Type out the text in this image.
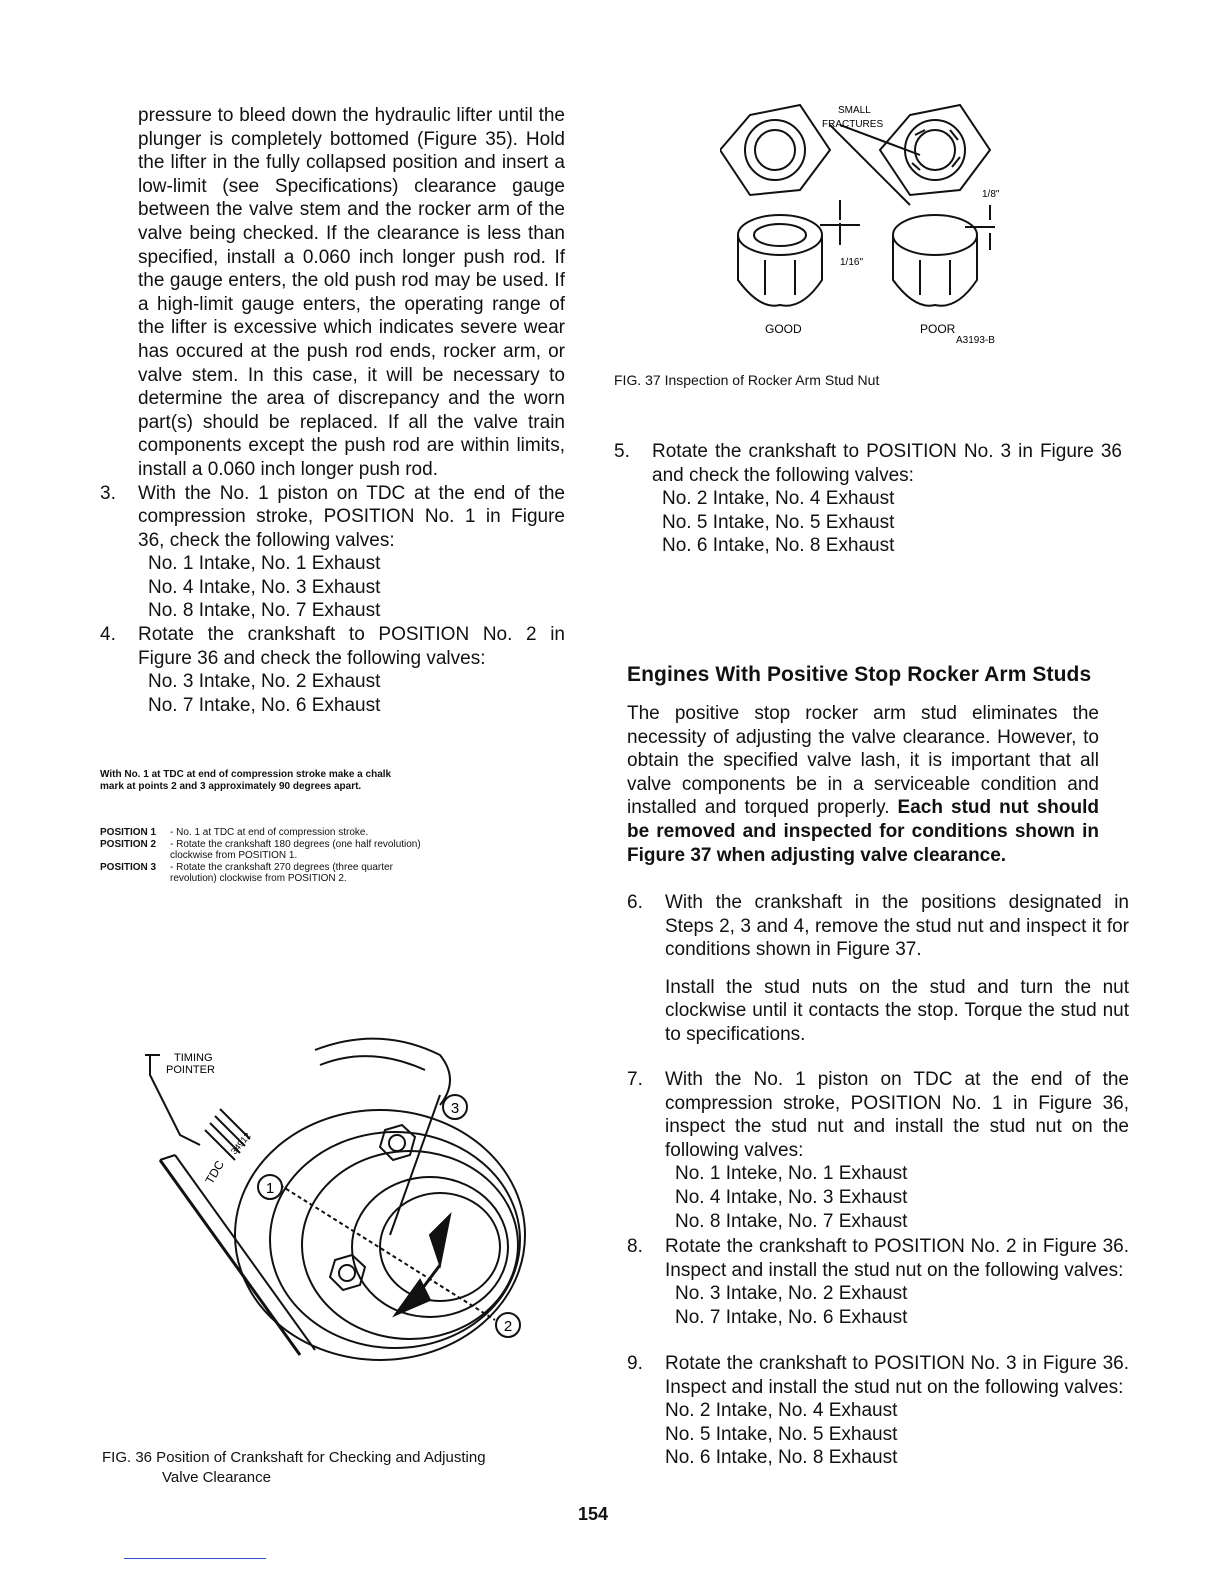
pressure to bleed down the hydraulic lifter until the plunger is completely bottomed (Figure 35). Hold the lifter in the fully collapsed position and insert a low-limit (see Specifications) clearance gauge between the valve stem and the rocker arm of the valve being checked. If the clearance is less than specified, install a 0.060 inch longer push rod. If the gauge enters, the old push rod may be used. If a high-limit gauge enters, the operating range of the lifter is excessive which indicates severe wear has occured at the push rod ends, rocker arm, or valve stem. In this case, it will be necessary to determine the area of discrepancy and the worn part(s) should be replaced. If all the valve train components except the push rod are within limits, install a 0.060 inch longer push rod.

3. With the No. 1 piston on TDC at the end of the compression stroke, POSITION No. 1 in Figure 36, check the following valves:
No. 1 Intake, No. 1 Exhaust
No. 4 Intake, No. 3 Exhaust
No. 8 Intake, No. 7 Exhaust
4. Rotate the crankshaft to POSITION No. 2 in Figure 36 and check the following valves:
No. 3 Intake, No. 2 Exhaust
No. 7 Intake, No. 6 Exhaust
With No. 1 at TDC at end of compression stroke make a chalk mark at points 2 and 3 approximately 90 degrees apart.
POSITION 1	- No. 1 at TDC at end of compression stroke.
POSITION 2	- Rotate the crankshaft 180 degrees (one half revolution) clockwise from POSITION 1.
POSITION 3	- Rotate the crankshaft 270 degrees (three quarter revolution) clockwise from POSITION 2.
3
1
2
TIMING
POINTER
TDC
34912
FIG. 36 Position of Crankshaft for Checking and Adjusting
Valve Clearance
SMALL
FRACTURES
1/8"
1/16"
GOOD	POOR
A3193-B
FIG. 37 Inspection of Rocker Arm Stud Nut
5. Rotate the crankshaft to POSITION No. 3 in Figure 36 and check the following valves:
No. 2 Intake, No. 4 Exhaust
No. 5 Intake, No. 5 Exhaust
No. 6 Intake, No. 8 Exhaust
Engines With Positive Stop Rocker Arm Studs
The positive stop rocker arm stud eliminates the necessity of adjusting the valve clearance. However, to obtain the specified valve lash, it is important that all valve components be in a serviceable condition and installed and torqued properly. Each stud nut should be removed and inspected for conditions shown in Figure 37 when adjusting valve clearance.
6. With the crankshaft in the positions designated in Steps 2, 3 and 4, remove the stud nut and inspect it for conditions shown in Figure 37.
Install the stud nuts on the stud and turn the nut clockwise until it contacts the stop. Torque the stud nut to specifications.
7. With the No. 1 piston on TDC at the end of the compression stroke, POSITION No. 1 in Figure 36, inspect the stud nut and install the stud nut on the following valves:
No. 1 Inteke, No. 1 Exhaust
No. 4 Intake, No. 3 Exhaust
No. 8 Intake, No. 7 Exhaust
8. Rotate the crankshaft to POSITION No. 2 in Figure 36. Inspect and install the stud nut on the following valves:
No. 3 Intake, No. 2 Exhaust
No. 7 Intake, No. 6 Exhaust
9. Rotate the crankshaft to POSITION No. 3 in Figure 36. Inspect and install the stud nut on the following valves:
No. 2 Intake, No. 4 Exhaust
No. 5 Intake, No. 5 Exhaust
No. 6 Intake, No. 8 Exhaust
154
